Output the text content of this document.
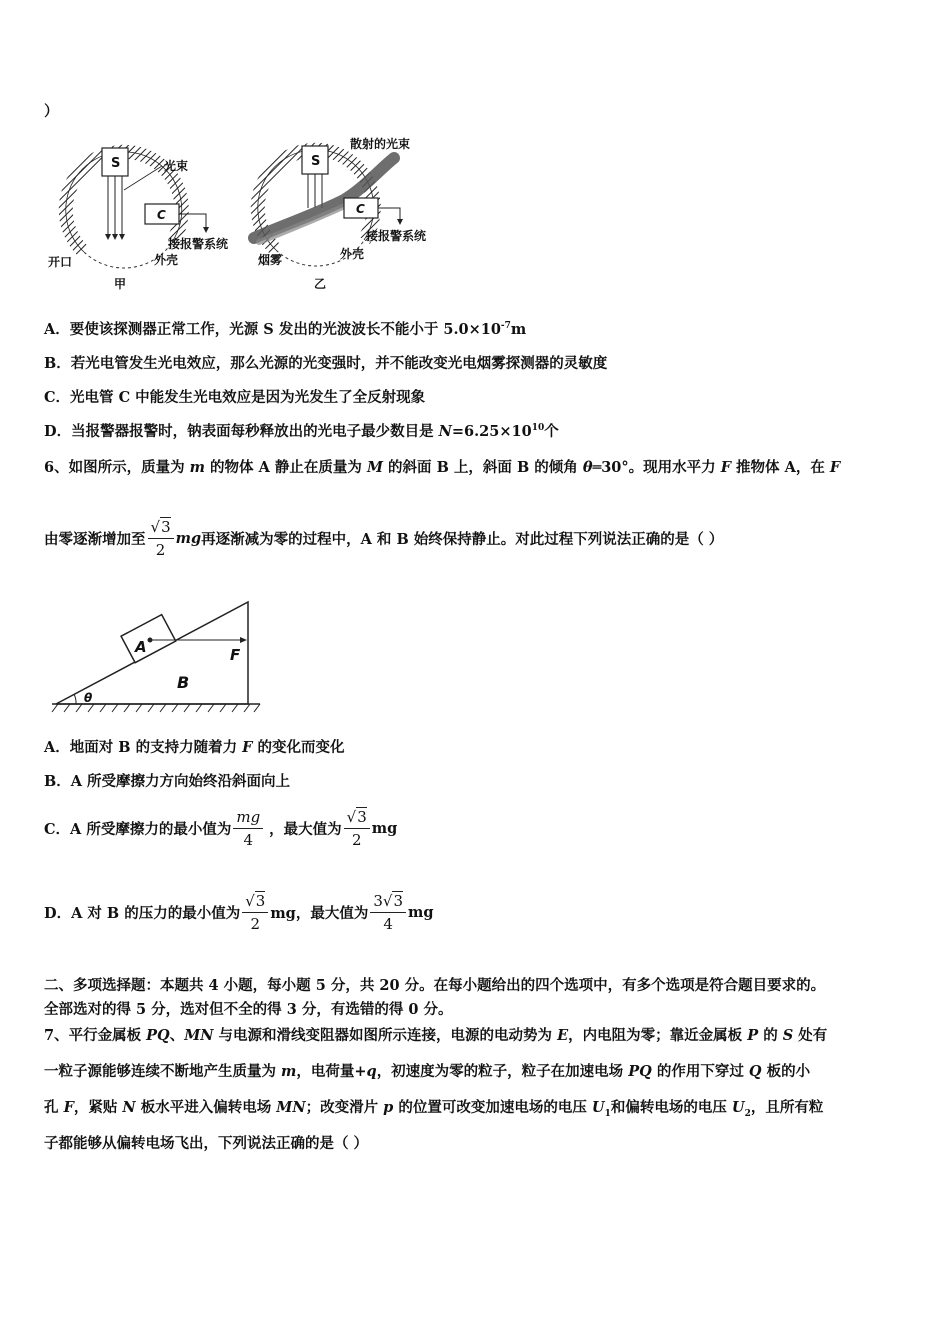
）
S
C
光束
接报警系统
外壳
开口
甲
S
C
散射的光束
接报警系统
外壳
烟雾
乙
A．要使该探测器正常工作，光源 S 发出的光波波长不能小于 $5.0\times 10^{-7}m$
B．若光电管发生光电效应，那么光源的光变强时，并不能改变光电烟雾探测器的灵敏度
C．光电管 C 中能发生光电效应是因为光发生了全反射现象
D．当报警器报警时，钠表面每秒释放出的光电子最少数目是 $N=6.25\times 10^{10}$个
6、如图所示，质量为 m 的物体 A 静止在质量为 M 的斜面 B 上，斜面 B 的倾角 θ═30°。现用水平力 F 推物体 A，在 F
由零逐渐增加至 $\frac{√3}{2}$ mg 再逐渐减为零的过程中，A 和 B 始终保持静止。对此过程下列说法正确的是（ ）
A	F
B
θ
A．地面对 B 的支持力随着力 F 的变化而变化
B．A 所受摩擦力方向始终沿斜面向上
C．A 所受摩擦力的最小值为 $\frac{mg}{4}$ ，最大值为 $\frac{√3}{2}$ mg
D．A 对 B 的压力的最小值为 $\frac{√3}{2}$ mg，最大值为 $\frac{3√3}{4}$ mg
二、多项选择题：本题共 4 小题，每小题 5 分，共 20 分。在每小题给出的四个选项中，有多个选项是符合题目要求的。
全部选对的得 5 分，选对但不全的得 3 分，有选错的得 0 分。
7、平行金属板 PQ、MN 与电源和滑线变阻器如图所示连接，电源的电动势为 E，内电阻为零；靠近金属板 P 的 S 处有
一粒子源能够连续不断地产生质量为 m，电荷量+q，初速度为零的粒子，粒子在加速电场 PQ 的作用下穿过 Q 板的小
孔 F，紧贴 N 板水平进入偏转电场 MN；改变滑片 p 的位置可改变加速电场的电压 $U_1$和偏转电场的电压 $U_2$，且所有粒
子都能够从偏转电场飞出，下列说法正确的是（ ）
